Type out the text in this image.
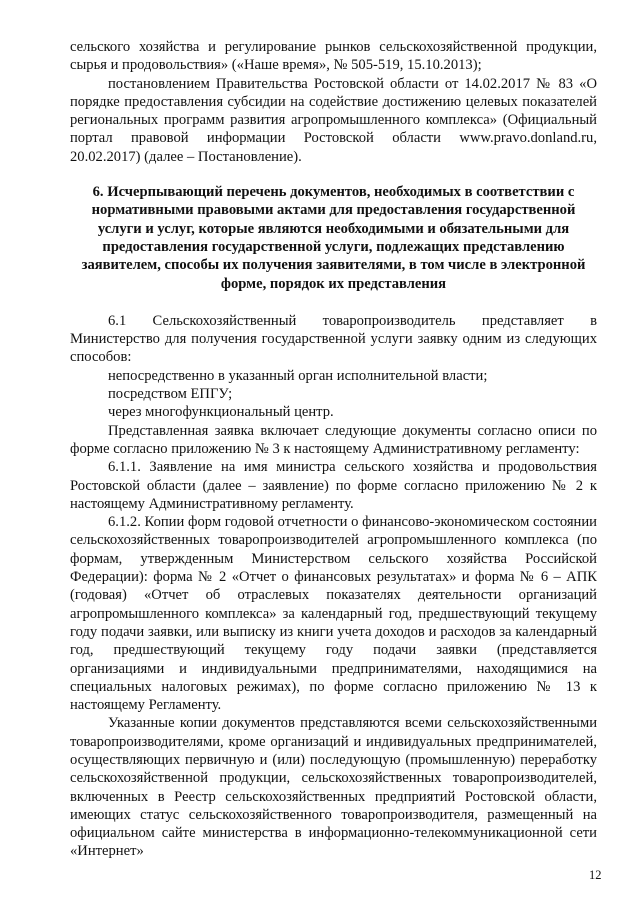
сельского хозяйства и регулирование рынков сельскохозяйственной продукции, сырья и продовольствия» («Наше время», № 505-519, 15.10.2013);

постановлением Правительства Ростовской области от 14.02.2017 № 83 «О порядке предоставления субсидии на содействие достижению целевых показателей региональных программ развития агропромышленного комплекса» (Официальный портал правовой информации Ростовской области www.pravo.donland.ru, 20.02.2017) (далее – Постановление).

6. Исчерпывающий перечень документов, необходимых в соответствии с нормативными правовыми актами для предоставления государственной услуги и услуг, которые являются необходимыми и обязательными для предоставления государственной услуги, подлежащих представлению заявителем, способы их получения заявителями, в том числе в электронной форме, порядок их представления

6.1 Сельскохозяйственный товаропроизводитель представляет в Министерство для получения государственной услуги заявку одним из следующих способов:

непосредственно в указанный орган исполнительной власти;

посредством ЕПГУ;

через многофункциональный центр.

Представленная заявка включает следующие документы согласно описи по форме согласно приложению № 3 к настоящему Административному регламенту:

6.1.1. Заявление на имя министра сельского хозяйства и продовольствия Ростовской области (далее – заявление) по форме согласно приложению № 2 к настоящему Административному регламенту.

6.1.2. Копии форм годовой отчетности о финансово-экономическом состоянии сельскохозяйственных товаропроизводителей агропромышленного комплекса (по формам, утвержденным Министерством сельского хозяйства Российской Федерации): форма № 2 «Отчет о финансовых результатах» и форма № 6 – АПК (годовая) «Отчет об отраслевых показателях деятельности организаций агропромышленного комплекса» за календарный год, предшествующий текущему году подачи заявки, или выписку из книги учета доходов и расходов за календарный год, предшествующий текущему году подачи заявки (представляется организациями и индивидуальными предпринимателями, находящимися на специальных налоговых режимах), по форме согласно приложению № 13 к настоящему Регламенту.

Указанные копии документов представляются всеми сельскохозяйственными товаропроизводителями, кроме организаций и индивидуальных предпринимателей, осуществляющих первичную и (или) последующую (промышленную) переработку сельскохозяйственной продукции, сельскохозяйственных товаропроизводителей, включенных в Реестр сельскохозяйственных предприятий Ростовской области, имеющих статус сельскохозяйственного товаропроизводителя, размещенный на официальном сайте министерства в информационно-телекоммуникационной сети «Интернет»

12
